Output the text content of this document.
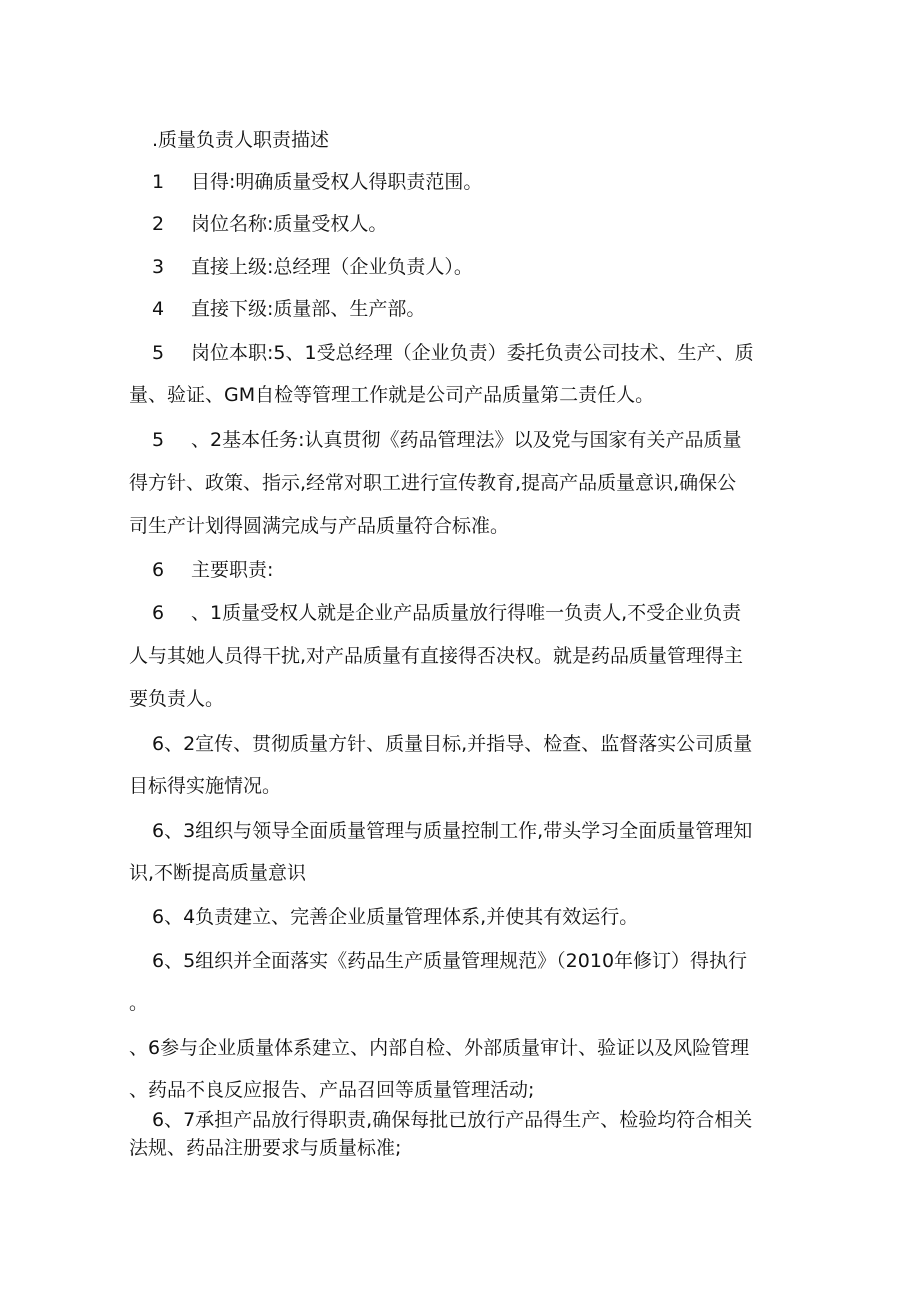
.质量负责人职责描述
1 目得:明确质量受权人得职责范围。
2 岗位名称:质量受权人。
3 直接上级:总经理（企业负责人）。
4 直接下级:质量部、生产部。
5 岗位本职:5、1受总经理（企业负责）委托负责公司技术、生产、质
量、验证、GM自检等管理工作就是公司产品质量第二责任人。
5 、2基本任务:认真贯彻《药品管理法》以及党与国家有关产品质量
得方针、政策、指示,经常对职工进行宣传教育,提高产品质量意识,确保公
司生产计划得圆满完成与产品质量符合标准。
6 主要职责:
6 、1质量受权人就是企业产品质量放行得唯一负责人,不受企业负责
人与其她人员得干扰,对产品质量有直接得否决权。就是药品质量管理得主
要负责人。
6、2宣传、贯彻质量方针、质量目标,并指导、检查、监督落实公司质量
目标得实施情况。
6、3组织与领导全面质量管理与质量控制工作,带头学习全面质量管理知
识,不断提高质量意识
6、4负责建立、完善企业质量管理体系,并使其有效运行。
6、5组织并全面落实《药品生产质量管理规范》（2010年修订）得执行
。
、6参与企业质量体系建立、内部自检、外部质量审计、验证以及风险管理
、药品不良反应报告、产品召回等质量管理活动;
6、7承担产品放行得职责,确保每批已放行产品得生产、检验均符合相关
法规、药品注册要求与质量标准;
